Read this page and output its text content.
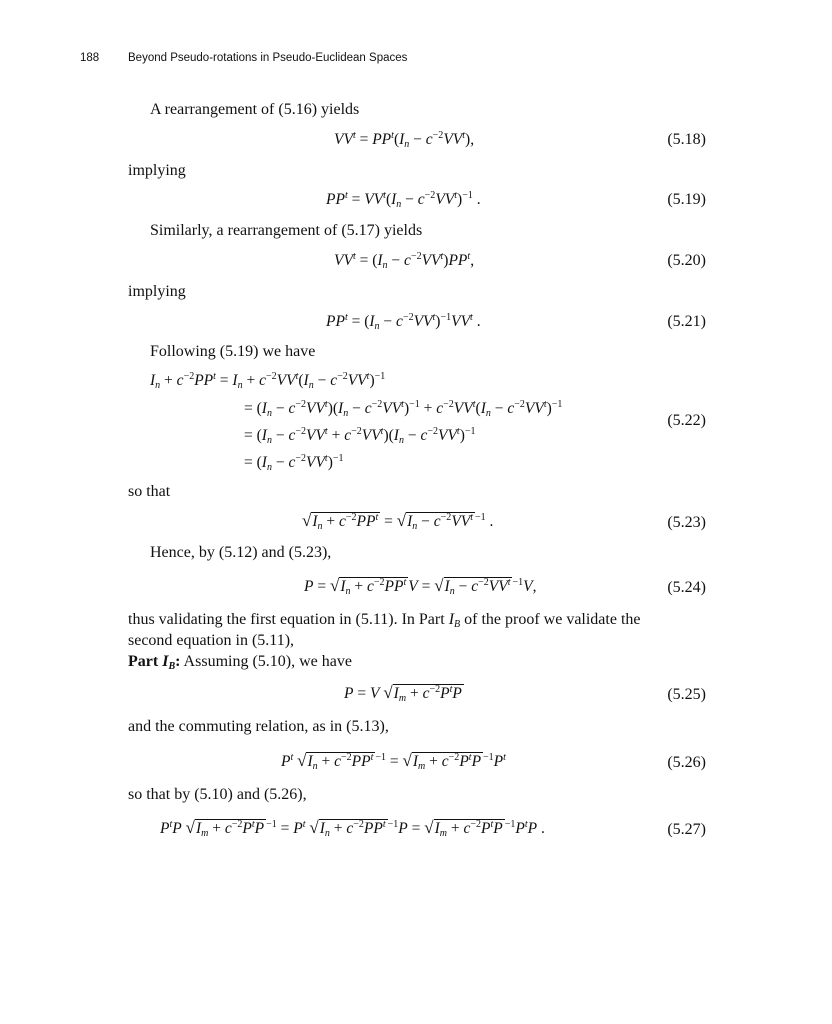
188	Beyond Pseudo-rotations in Pseudo-Euclidean Spaces
A rearrangement of (5.16) yields
$VV^t = PP^t(I_n - c^{-2}VV^t)$,	(5.18)
implying
$PP^t = VV^t(I_n - c^{-2}VV^t)^{-1}$ .	(5.19)
Similarly, a rearrangement of (5.17) yields
$VV^t = (I_n - c^{-2}VV^t)PP^t$,	(5.20)
implying
$PP^t = (I_n - c^{-2}VV^t)^{-1}VV^t$ .	(5.21)
Following (5.19) we have
$I_n + c^{-2}PP^t = I_n + c^{-2}VV^t(I_n - c^{-2}VV^t)^{-1}$
= $(I_n - c^{-2}VV^t)(I_n - c^{-2}VV^t)^{-1} + c^{-2}VV^t(I_n - c^{-2}VV^t)^{-1}$
= $(I_n - c^{-2}VV^t + c^{-2}VV^t)(I_n - c^{-2}VV^t)^{-1}$
= $(I_n - c^{-2}VV^t)^{-1}$
(5.22)
so that
$√I_n + c^{-2}PP^t = √I_n - c^{-2}VV^t$ $^{-1}$ .	(5.23)
Hence, by (5.12) and (5.23),
$P = √I_n + c^{-2}PP^t$ $V = √I_n - c^{-2}VV^t$ $^{-1}$V,	(5.24)
thus validating the first equation in (5.11). In Part $I_B$ of the proof we validate the
second equation in (5.11),
Part $I_B$: Assuming (5.10), we have
P = V $√I_m + c^{-2}P^tP$	(5.25)
and the commuting relation, as in (5.13),
$P^t$ $√I_n + c^{-2}PP^t$ $^{-1} = √I_m + c^{-2}P^tP$ $^{-1}P^t$	(5.26)
so that by (5.10) and (5.26),
$P^tP$ $√I_m + c^{-2}P^tP$ $^{-1} = P^t$ $√I_n + c^{-2}PP^t$ $^{-1}P = √I_m + c^{-2}P^tP$ $^{-1}P^tP$ .	(5.27)
